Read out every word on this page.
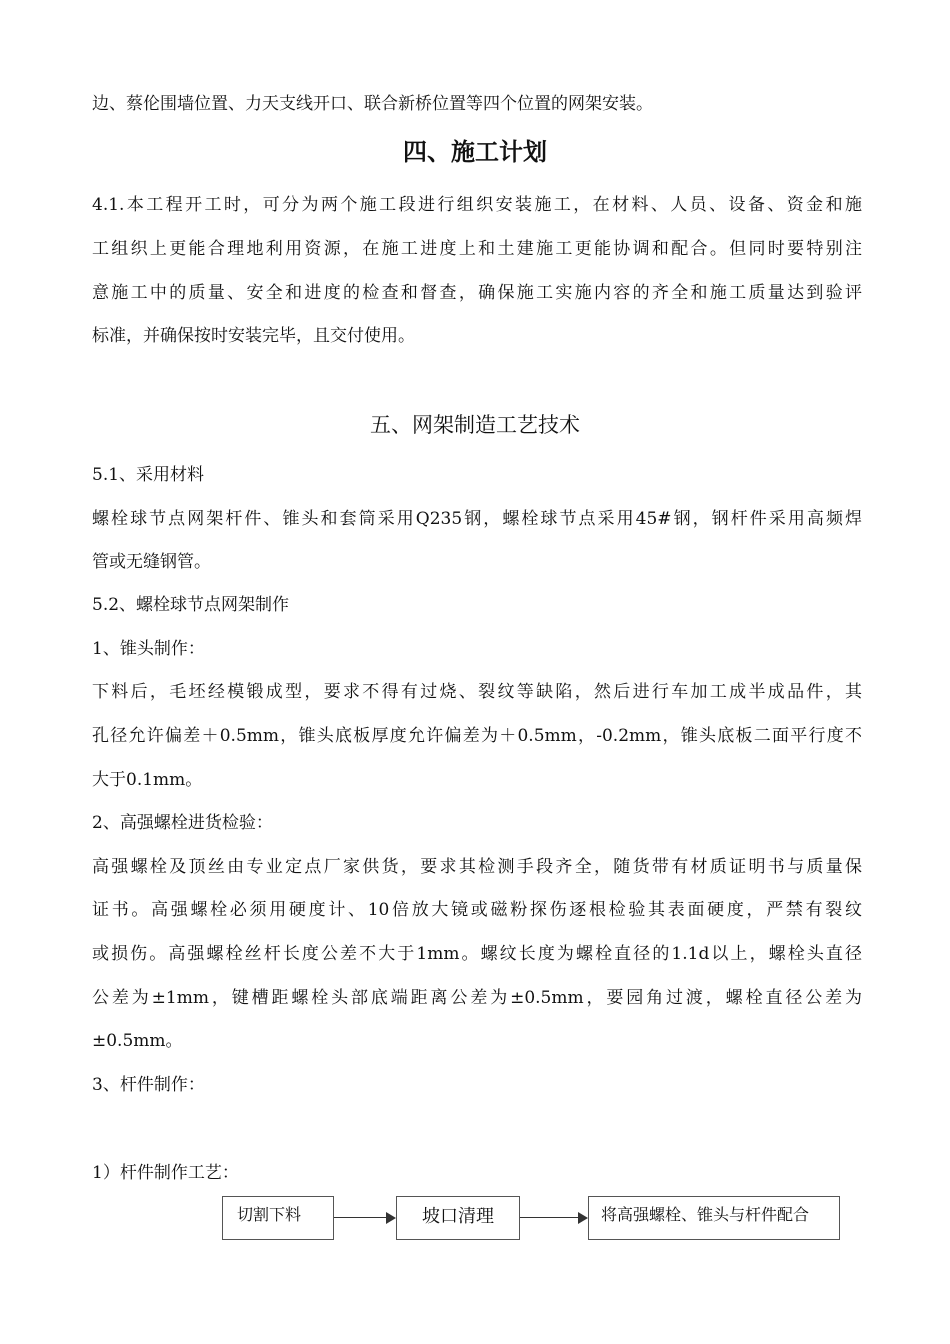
边、蔡伦围墙位置、力天支线开口、联合新桥位置等四个位置的网架安装。
四、施工计划
4.1.本工程开工时，可分为两个施工段进行组织安装施工，在材料、人员、设备、资金和施
工组织上更能合理地利用资源，在施工进度上和土建施工更能协调和配合。但同时要特别注
意施工中的质量、安全和进度的检查和督查，确保施工实施内容的齐全和施工质量达到验评
标准，并确保按时安装完毕，且交付使用。
五、网架制造工艺技术
5.1、采用材料
螺栓球节点网架杆件、锥头和套筒采用Q235钢，螺栓球节点采用45#钢，钢杆件采用高频焊
管或无缝钢管。
5.2、螺栓球节点网架制作
1、锥头制作：
下料后，毛坯经模锻成型，要求不得有过烧、裂纹等缺陷，然后进行车加工成半成品件，其
孔径允许偏差＋0.5mm，锥头底板厚度允许偏差为＋0.5mm，-0.2mm，锥头底板二面平行度不
大于0.1mm。
2、高强螺栓进货检验：
高强螺栓及顶丝由专业定点厂家供货，要求其检测手段齐全，随货带有材质证明书与质量保
证书。高强螺栓必须用硬度计、10倍放大镜或磁粉探伤逐根检验其表面硬度，严禁有裂纹
或损伤。高强螺栓丝杆长度公差不大于1mm。螺纹长度为螺栓直径的1.1d以上，螺栓头直径
公差为±1mm，键槽距螺栓头部底端距离公差为±0.5mm，要园角过渡，螺栓直径公差为
±0.5mm。
3、杆件制作：
1）杆件制作工艺：
切割下料	坡口清理	将高强螺栓、锥头与杆件配合
